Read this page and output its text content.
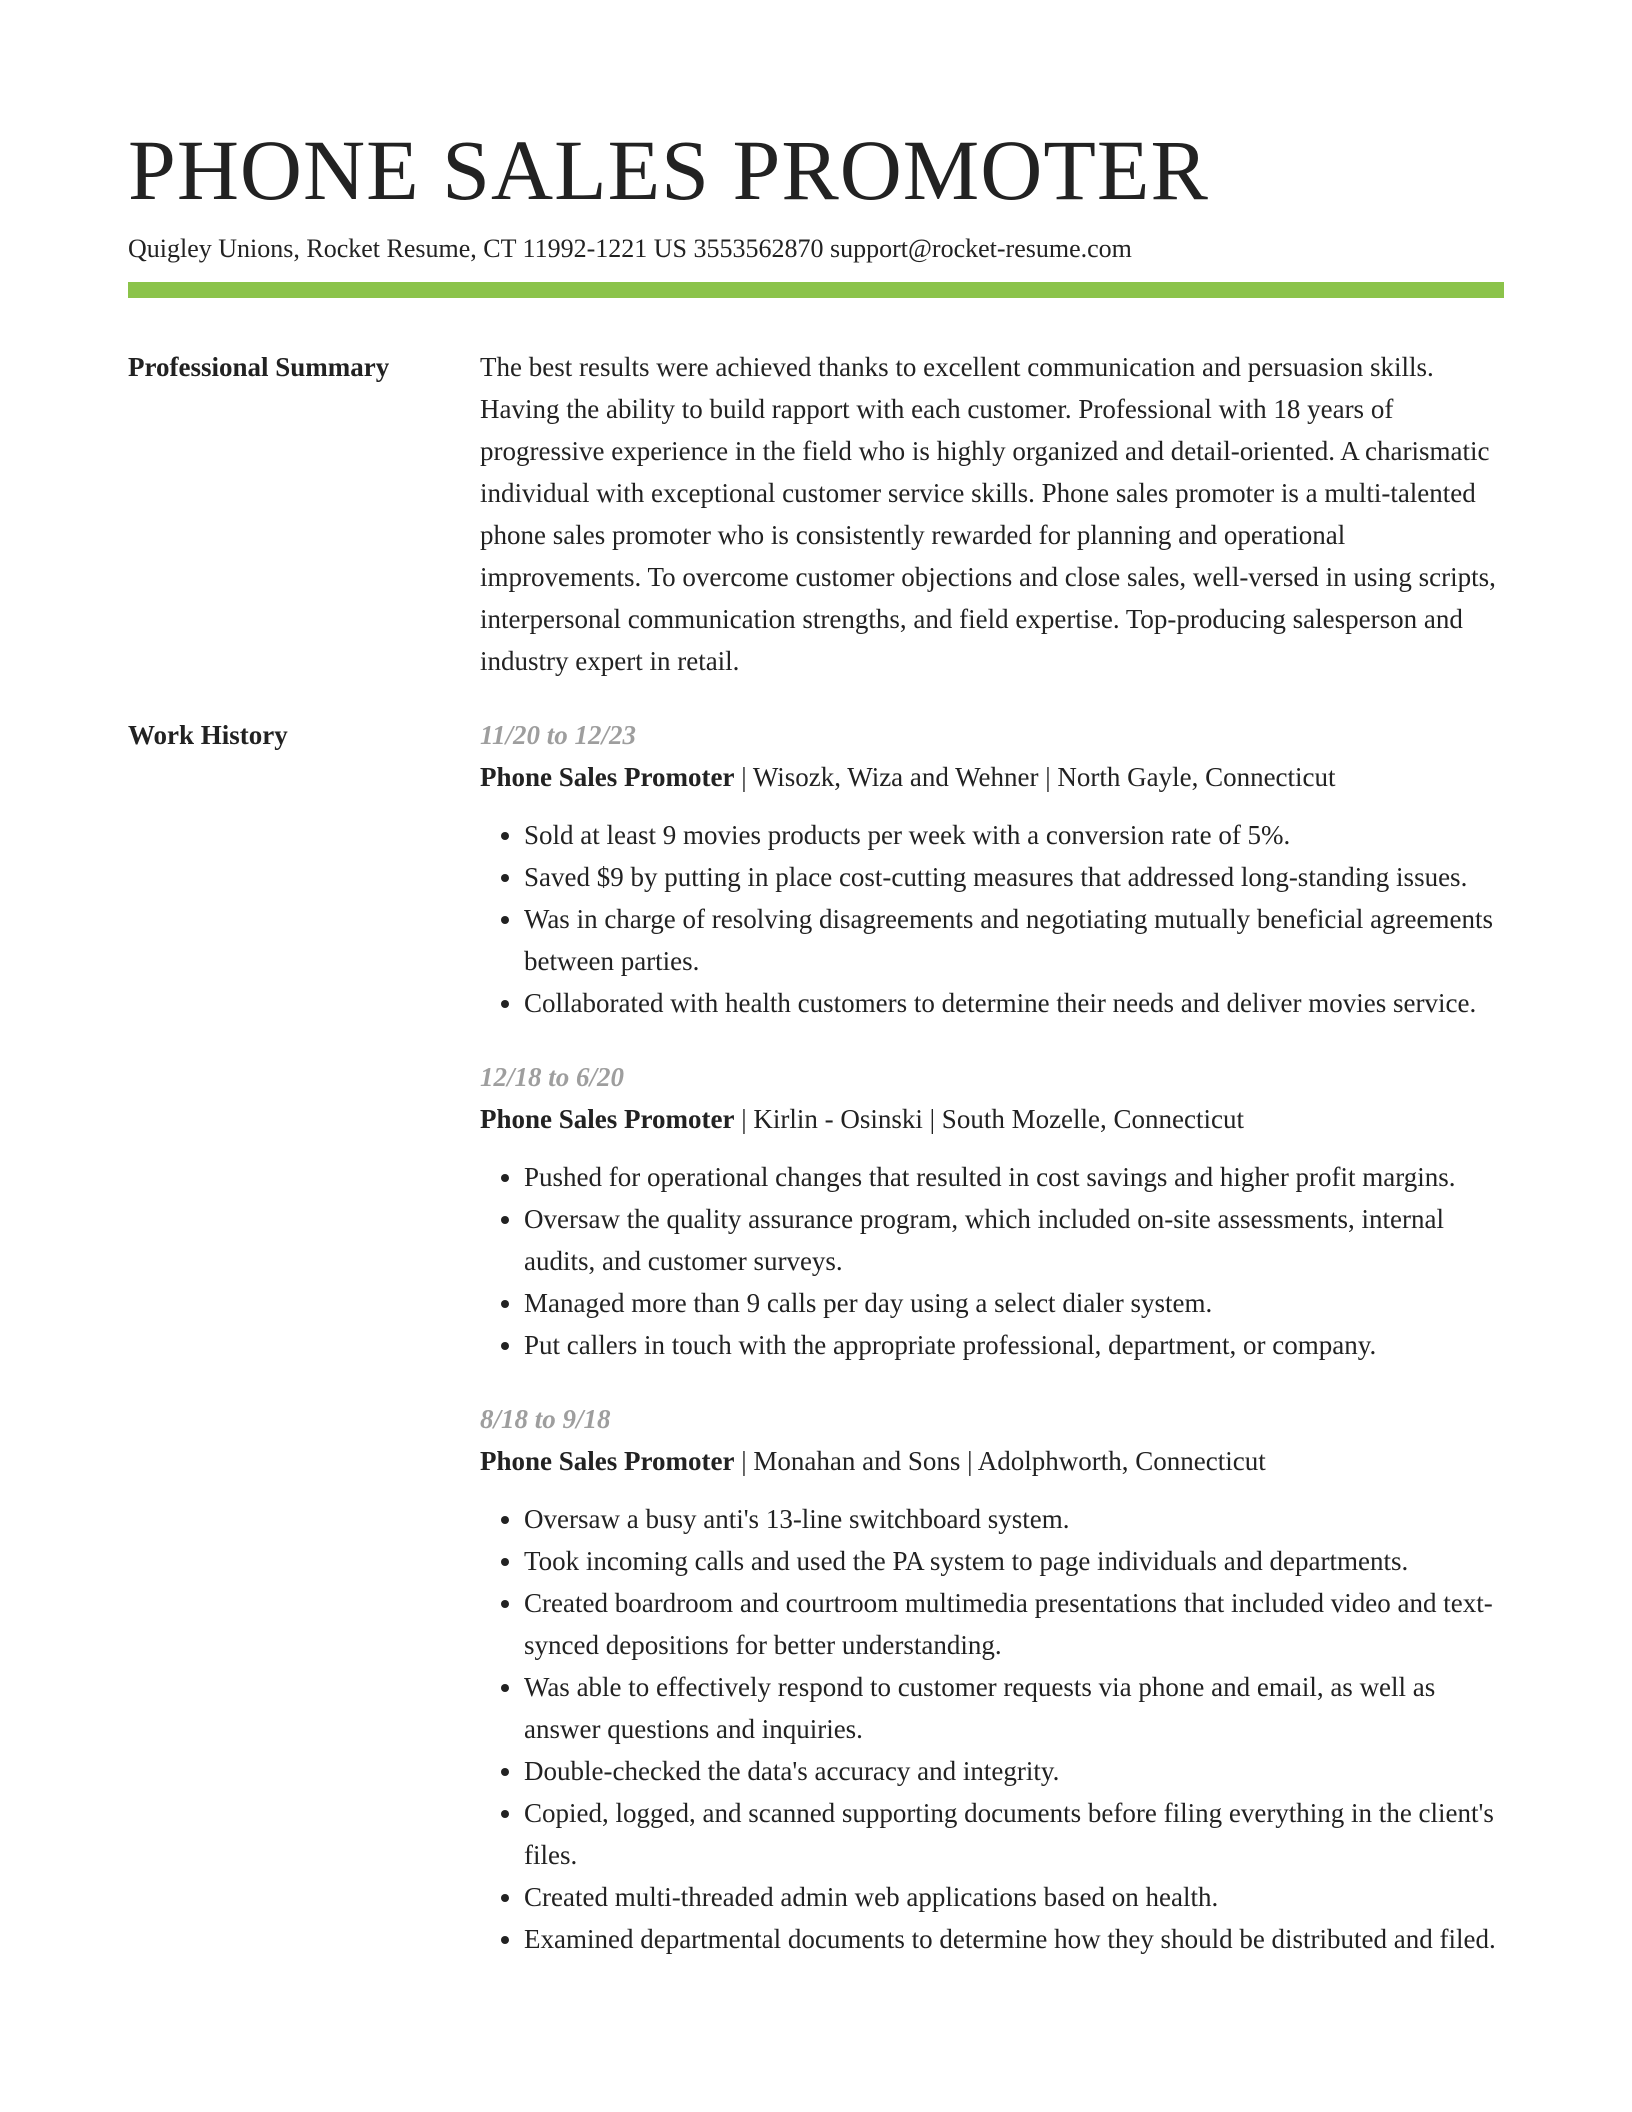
PHONE SALES PROMOTER
Quigley Unions, Rocket Resume, CT 11992-1221 US 3553562870 support@rocket-resume.com
Professional Summary	The best results were achieved thanks to excellent communication and persuasion skills. Having the ability to build rapport with each customer. Professional with 18 years of progressive experience in the field who is highly organized and detail-oriented. A charismatic individual with exceptional customer service skills. Phone sales promoter is a multi-talented phone sales promoter who is consistently rewarded for planning and operational improvements. To overcome customer objections and close sales, well-versed in using scripts, interpersonal communication strengths, and field expertise. Top-producing salesperson and industry expert in retail.

Work History	11/20 to 12/23
Phone Sales Promoter | Wisozk, Wiza and Wehner | North Gayle, Connecticut
• Sold at least 9 movies products per week with a conversion rate of 5%.
• Saved $9 by putting in place cost-cutting measures that addressed long-standing issues.
• Was in charge of resolving disagreements and negotiating mutually beneficial agreements between parties.
• Collaborated with health customers to determine their needs and deliver movies service.
12/18 to 6/20
Phone Sales Promoter | Kirlin - Osinski | South Mozelle, Connecticut
• Pushed for operational changes that resulted in cost savings and higher profit margins.
• Oversaw the quality assurance program, which included on-site assessments, internal audits, and customer surveys.
• Managed more than 9 calls per day using a select dialer system.
• Put callers in touch with the appropriate professional, department, or company.
8/18 to 9/18
Phone Sales Promoter | Monahan and Sons | Adolphworth, Connecticut
• Oversaw a busy anti's 13-line switchboard system.
• Took incoming calls and used the PA system to page individuals and departments.
• Created boardroom and courtroom multimedia presentations that included video and text-synced depositions for better understanding.
• Was able to effectively respond to customer requests via phone and email, as well as answer questions and inquiries.
• Double-checked the data's accuracy and integrity.
• Copied, logged, and scanned supporting documents before filing everything in the client's files.
• Created multi-threaded admin web applications based on health.
• Examined departmental documents to determine how they should be distributed and filed.
